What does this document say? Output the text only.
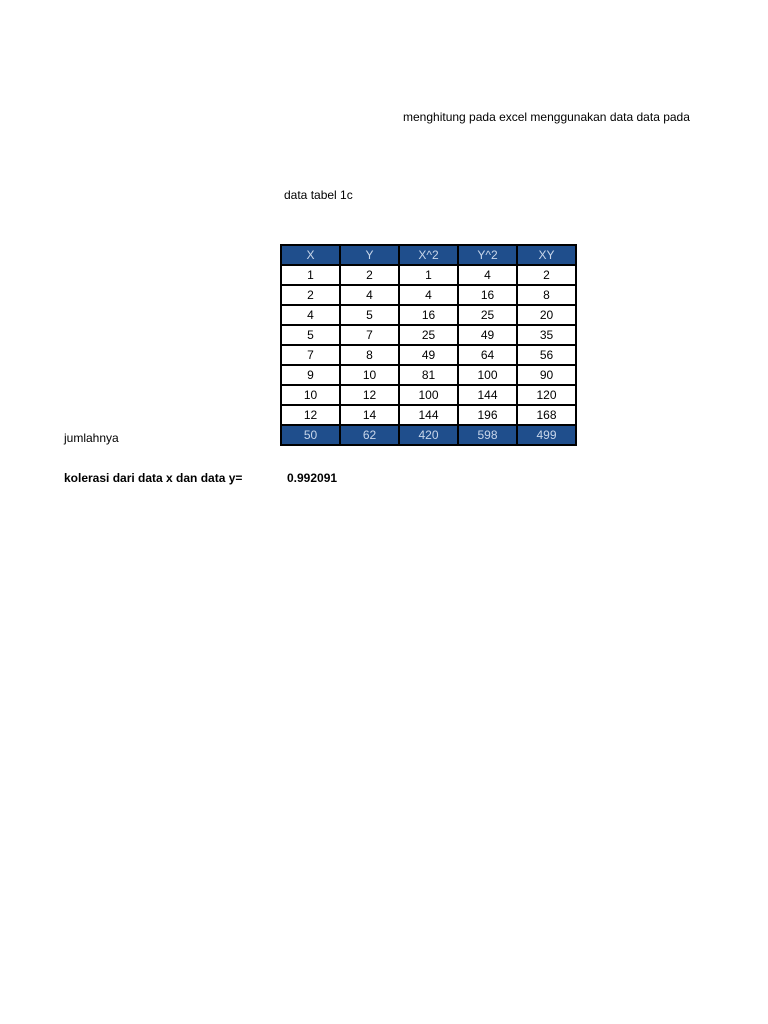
menghitung pada excel menggunakan data data pada
data tabel 1c
X	Y	X^2	Y^2	XY
1	2	1	4	2
2	4	4	16	8
4	5	16	25	20
5	7	25	49	35
7	8	49	64	56
9	10	81	100	90
10	12	100	144	120
12	14	144	196	168
50	62	420	598	499
jumlahnya
kolerasi dari data x dan data y=	0.992091
